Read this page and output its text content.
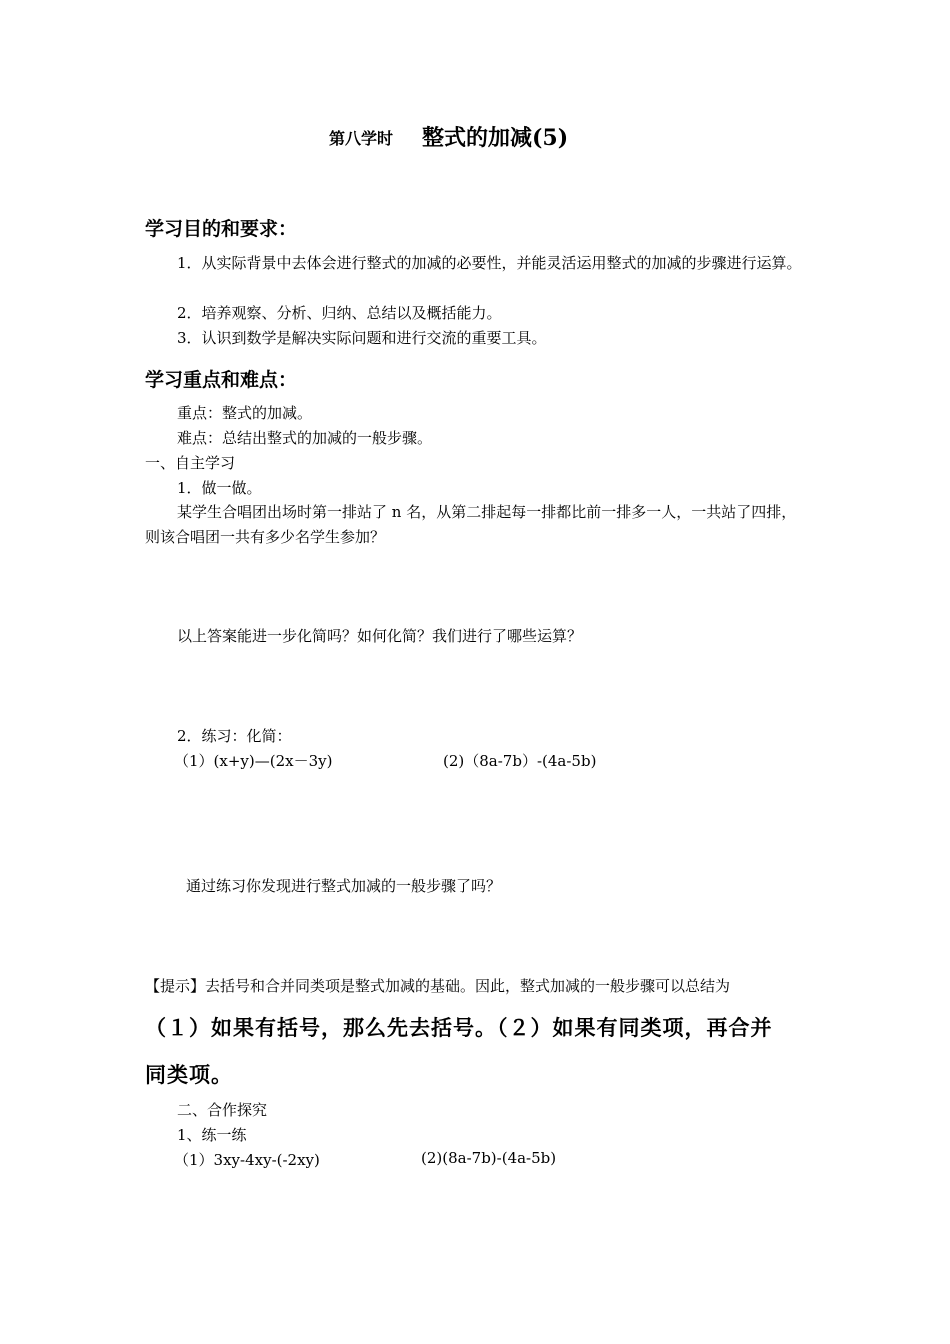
第八学时 整式的加减(5)
学习目的和要求：
1．从实际背景中去体会进行整式的加减的必要性，并能灵活运用整式的加减的步骤进行运算。
2．培养观察、分析、归纳、总结以及概括能力。
3．认识到数学是解决实际问题和进行交流的重要工具。
学习重点和难点：
重点：整式的加减。
难点：总结出整式的加减的一般步骤。
一、自主学习
1．做一做。
某学生合唱团出场时第一排站了 n 名，从第二排起每一排都比前一排多一人，一共站了四排，则该合唱团一共有多少名学生参加？
以上答案能进一步化简吗？如何化简？我们进行了哪些运算？
2．练习：化简：
（1）(x+y)—(2x－3y)	(2)（8a-7b）-(4a-5b)
通过练习你发现进行整式加减的一般步骤了吗？
【提示】去括号和合并同类项是整式加减的基础。因此，整式加减的一般步骤可以总结为
（１）如果有括号，那么先去括号。（２）如果有同类项，再合并
同类项。
二、合作探究
1、练一练
（1）3xy-4xy-(-2xy)	(2)(8a-7b)-(4a-5b)
